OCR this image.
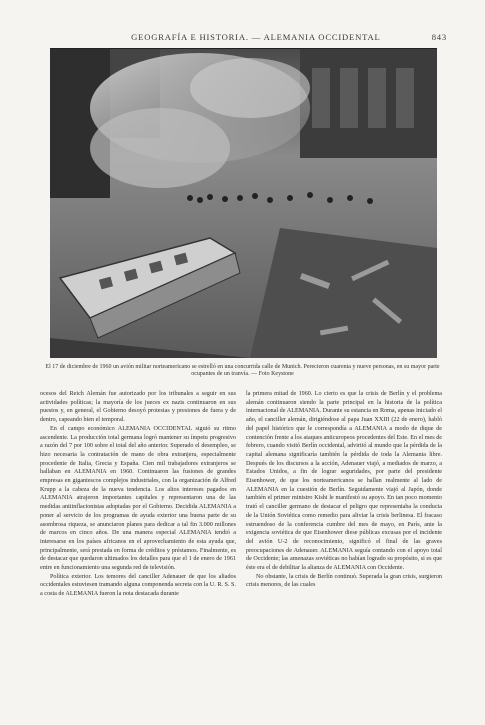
GEOGRAFÍA E HISTORIA. — ALEMANIA OCCIDENTAL	843
El 17 de diciembre de 1960 un avión militar norteamericano se estrelló en una concurrida calle de Munich. Perecieron cuarenta y nueve personas, en su mayor parte ocupantes de un tranvía. — Foto Keystone

ocesos del Reich Alemán fue autorizado por los tribunales a seguir en sus actividades políticas; la mayoría de los jueces ex nazis continuaron en sus puestos y, en general, el Gobierno desoyó protestas y presiones de fuera y de dentro, capeando bien el temporal.

En el campo económico ALEMANIA OCCIDENTAL siguió su ritmo ascendente. La producción total germana logró mantener su ímpetu progresivo a razón del 7 por 100 sobre el total del año anterior. Superado el desempleo, se hizo necesaria la contratación de mano de obra extranjera, especialmente procedente de Italia, Grecia y España. Cien mil trabajadores extranjeros se hallaban en ALEMANIA en 1960. Continuaron las fusiones de grandes empresas en gigantescos complejos industriales, con la organización de Alfred Krupp a la cabeza de la nueva tendencia. Los altos intereses pagados en ALEMANIA atrajeron importantes capitales y representaron una de las medidas antiinflacionistas adoptadas por el Gobierno. Decidida ALEMANIA a poner al servicio de los programas de ayuda exterior una buena parte de su asombrosa riqueza, se anunciaron planes para dedicar a tal fin 3.000 millones de marcos en cinco años. De una manera especial ALEMANIA tendió a interesarse en los países africanos en el aprovechamiento de esta ayuda que, principalmente, será prestada en forma de créditos y préstamos. Finalmente, es de destacar que quedaron ultimados los detalles para que el 1 de enero de 1961 entre en funcionamiento una segunda red de televisión.

Política exterior. Los temores del canciller Adenauer de que los aliados occidentales estuviesen tramando alguna componenda secreta con la U. R. S. S. a costa de ALEMANIA fueron la nota destacada durante

la primera mitad de 1960. Lo cierto es que la crisis de Berlín y el problema alemán continuaron siendo la parte principal en la historia de la política internacional de ALEMANIA. Durante su estancia en Roma, apenas iniciado el año, el canciller alemán, dirigiéndose al papa Juan XXIII (22 de enero), habló del papel histórico que le correspondía a ALEMANIA a modo de dique de contención frente a los ataques anticuropeos procedentes del Este. En el mes de febrero, cuando visitó Berlín occidental, advirtió al mundo que la pérdida de la capital alemana significaría también la pérdida de toda la Alemania libre. Después de los discursos a la acción, Adenauer viajó, a mediados de marzo, a Estados Unidos, a fin de lograr seguridades, por parte del presidente Eisenhower, de que los norteamericanos se hallan realmente al lado de ALEMANIA en la cuestión de Berlín. Seguidamente viajó al Japón, donde también el primer ministro Kishi le manifestó su apoyo. En tan poco momento trató el canciller germano de destacar el peligro que representaba la conducta de la Unión Soviética como remedio para aliviar la crisis berlinesa. El fracaso estruendoso de la conferencia cumbre del mes de mayo, en París, ante la exigencia soviética de que Eisenhower diese públicas excusas por el incidente del avión U-2 de reconocimiento, significó el final de las graves preocupaciones de Adenauer. ALEMANIA seguía contando con el apoyo total de Occidente; las amenazas soviéticas no habían logrado su propósito, si es que éste era el de debilitar la alianza de ALEMANIA con Occidente.

No obstante, la crisis de Berlín continuó. Superada la gran crisis, surgieron crisis menores, de las cuales
